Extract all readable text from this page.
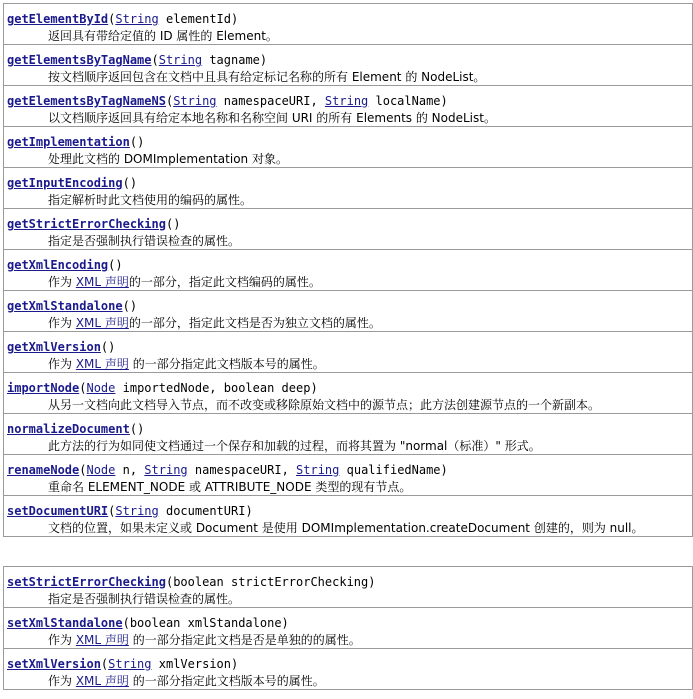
getElementById(String elementId)
返回具有带给定值的 ID 属性的 Element。
getElementsByTagName(String tagname)
按文档顺序返回包含在文档中且具有给定标记名称的所有 Element 的 NodeList。
getElementsByTagNameNS(String namespaceURI, String localName)
以文档顺序返回具有给定本地名称和名称空间 URI 的所有 Elements 的 NodeList。
getImplementation()
处理此文档的 DOMImplementation 对象。
getInputEncoding()
指定解析时此文档使用的编码的属性。
getStrictErrorChecking()
指定是否强制执行错误检查的属性。
getXmlEncoding()
作为 XML 声明的一部分，指定此文档编码的属性。
getXmlStandalone()
作为 XML 声明的一部分，指定此文档是否为独立文档的属性。
getXmlVersion()
作为 XML 声明 的一部分指定此文档版本号的属性。
importNode(Node importedNode, boolean deep)
从另一文档向此文档导入节点，而不改变或移除原始文档中的源节点；此方法创建源节点的一个新副本。
normalizeDocument()
此方法的行为如同使文档通过一个保存和加载的过程，而将其置为 "normal（标准）" 形式。
renameNode(Node n, String namespaceURI, String qualifiedName)
重命名 ELEMENT_NODE 或 ATTRIBUTE_NODE 类型的现有节点。
setDocumentURI(String documentURI)
文档的位置，如果未定义或 Document 是使用 DOMImplementation.createDocument 创建的，则为 null。
setStrictErrorChecking(boolean strictErrorChecking)
指定是否强制执行错误检查的属性。
setXmlStandalone(boolean xmlStandalone)
作为 XML 声明 的一部分指定此文档是否是单独的的属性。
setXmlVersion(String xmlVersion)
作为 XML 声明 的一部分指定此文档版本号的属性。
